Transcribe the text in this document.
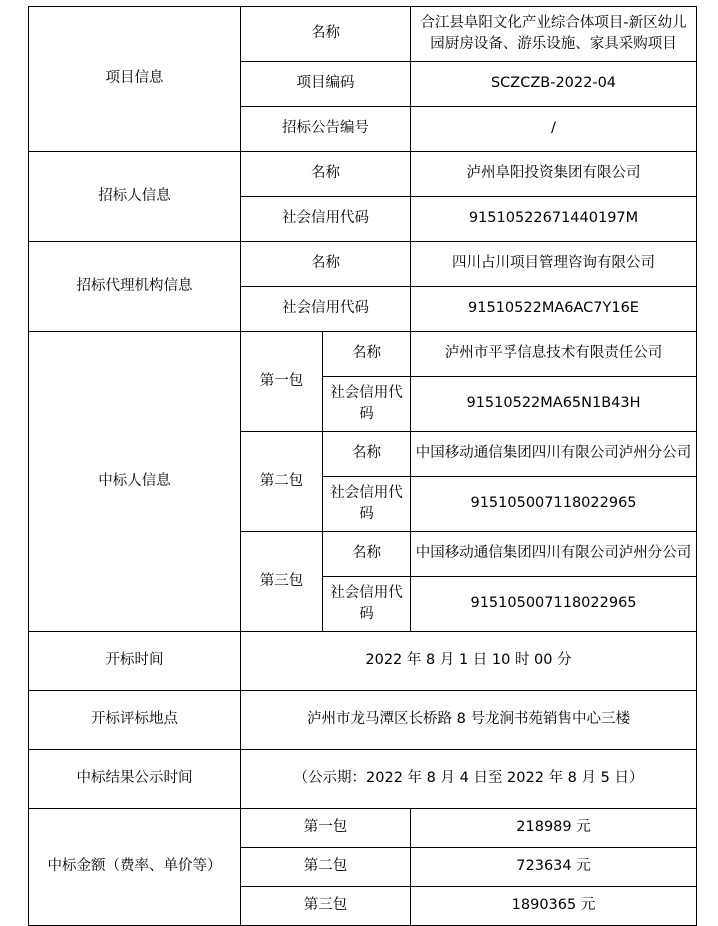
项目信息	名称		合江县阜阳文化产业综合体项目-新区幼儿园厨房设备、游乐设施、家具采购项目
	项目编码		SCZCZB-2022-04
	招标公告编号		/
招标人信息	名称		泸州阜阳投资集团有限公司
	社会信用代码		91510522671440197M
招标代理机构信息	名称		四川占川项目管理咨询有限公司
	社会信用代码		91510522MA6AC7Y16E
中标人信息	第一包	名称	泸州市平孚信息技术有限责任公司
		社会信用代码	91510522MA65N1B43H
	第二包	名称	中国移动通信集团四川有限公司泸州分公司
		社会信用代码	915105007118022965
	第三包	名称	中国移动通信集团四川有限公司泸州分公司
		社会信用代码	915105007118022965
开标时间	2022 年 8 月 1 日 10 时 00 分		
开标评标地点	泸州市龙马潭区长桥路 8 号龙涧书苑销售中心三楼		
中标结果公示时间	（公示期：2022 年 8 月 4 日至 2022 年 8 月 5 日）		
中标金额（费率、单价等）	第一包		218989 元
	第二包		723634 元
	第三包		1890365 元
